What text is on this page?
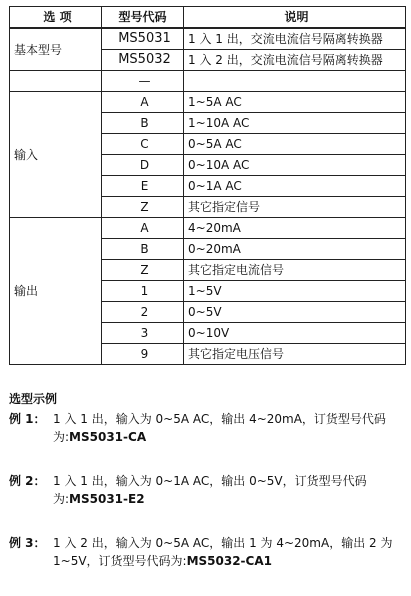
选 项	型号代码	说明
基本型号	MS5031	1 入 1 出，交流电流信号隔离转换器
	MS5032	1 入 2 出，交流电流信号隔离转换器
	—	
输入	A	1~5A AC
	B	1~10A AC
	C	0~5A AC
	D	0~10A AC
	E	0~1A AC
	Z	其它指定信号
输出	A	4~20mA
	B	0~20mA
	Z	其它指定电流信号
	1	1~5V
	2	0~5V
	3	0~10V
	9	其它指定电压信号
选型示例
例 1： 1 入 1 出，输入为 0~5A AC，输出 4~20mA，订货型号代码为:MS5031-CA
例 2： 1 入 1 出，输入为 0~1A AC，输出 0~5V，订货型号代码为:MS5031-E2
例 3： 1 入 2 出，输入为 0~5A AC，输出 1 为 4~20mA，输出 2 为 1~5V，订货型号代码为:MS5032-CA1
